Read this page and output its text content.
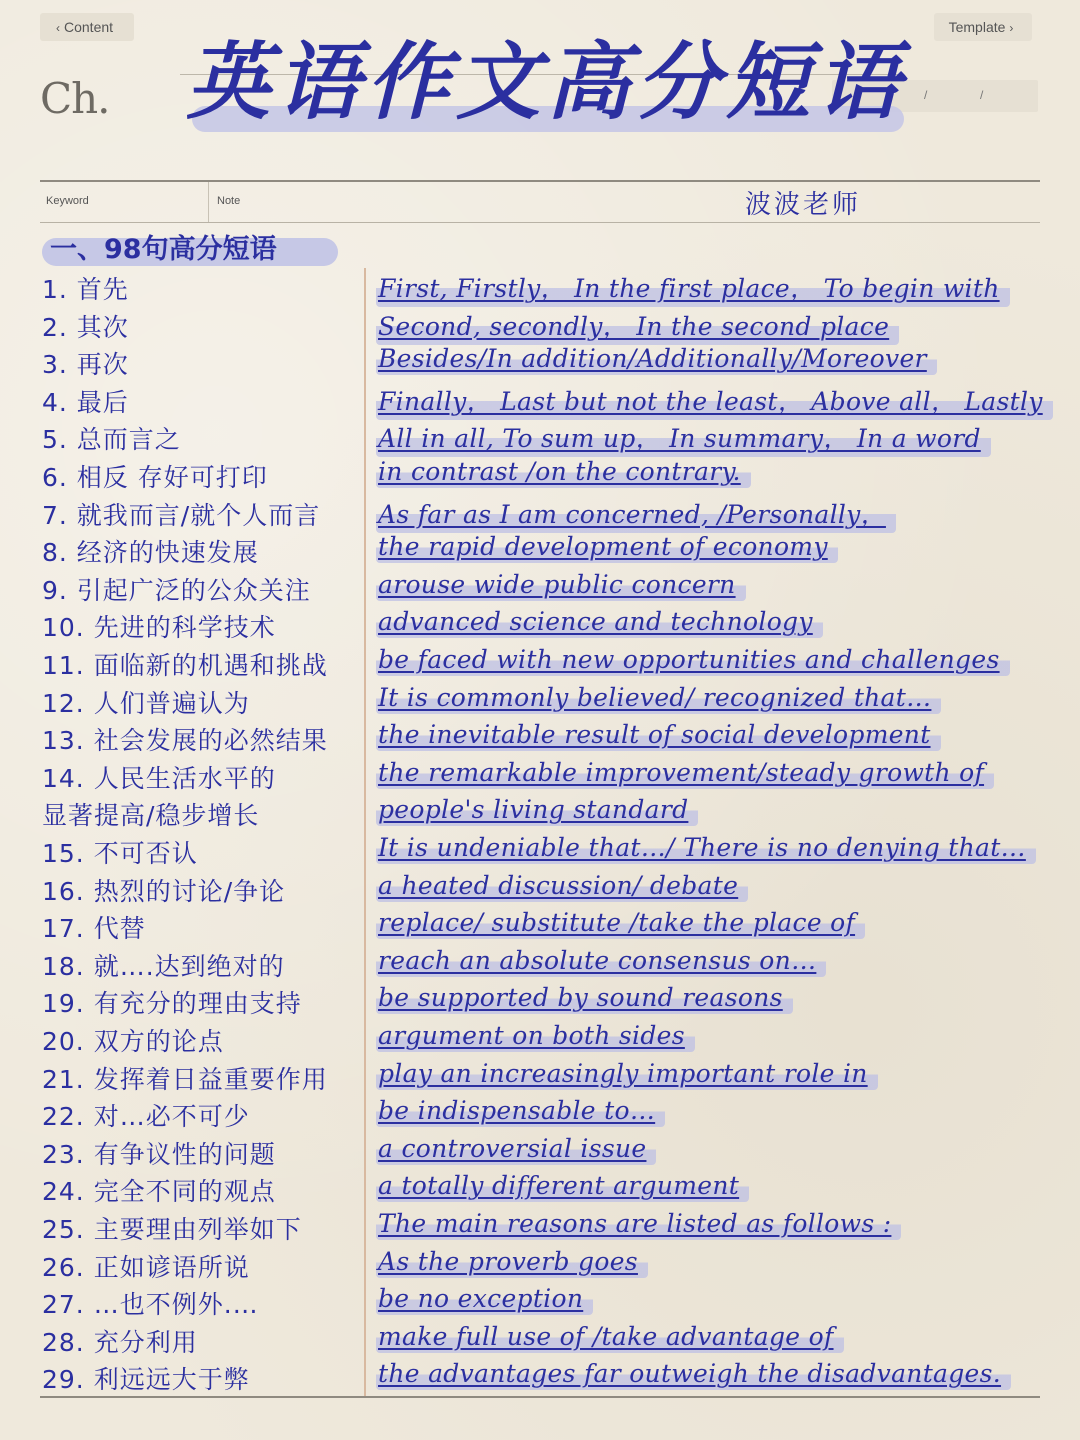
‹ Content	Template ›
Ch.	/	/
英语作文高分短语
Keyword	Note	波波老师
一、98句高分短语
1. 首先	First, Firstly， In the first place， To begin with
2. 其次	Second, secondly， In the second place
3. 再次	Besides/In addition/Additionally/Moreover
4. 最后	Finally， Last but not the least， Above all， Lastly
5. 总而言之	All in all, To sum up， In summary， In a word
6. 相反 存好可打印	in contrast /on the contrary.
7. 就我而言/就个人而言 As far as I am concerned, /Personally，
8. 经济的快速发展	the rapid development of economy
9. 引起广泛的公众关注	arouse wide public concern
10. 先进的科学技术	advanced science and technology
11. 面临新的机遇和挑战 be faced with new opportunities and challenges
12. 人们普遍认为	It is commonly believed/ recognized that…
13. 社会发展的必然结果 the inevitable result of social development
14. 人民生活水平的	the remarkable improvement/steady growth of
显著提高/稳步增长	people's living standard
15. 不可否认	It is undeniable that…/ There is no denying that…
16. 热烈的讨论/争论	a heated discussion/ debate
17. 代替	replace/ substitute /take the place of
18. 就….达到绝对的	reach an absolute consensus on…
19. 有充分的理由支持	be supported by sound reasons
20. 双方的论点	argument on both sides
21. 发挥着日益重要作用 play an increasingly important role in
22. 对…必不可少	be indispensable to…
23. 有争议性的问题	a controversial issue
24. 完全不同的观点	a totally different argument
25. 主要理由列举如下	The main reasons are listed as follows :
26. 正如谚语所说	As the proverb goes
27. …也不例外.…	be no exception
28. 充分利用	make full use of /take advantage of
29. 利远远大于弊	the advantages far outweigh the disadvantages.
